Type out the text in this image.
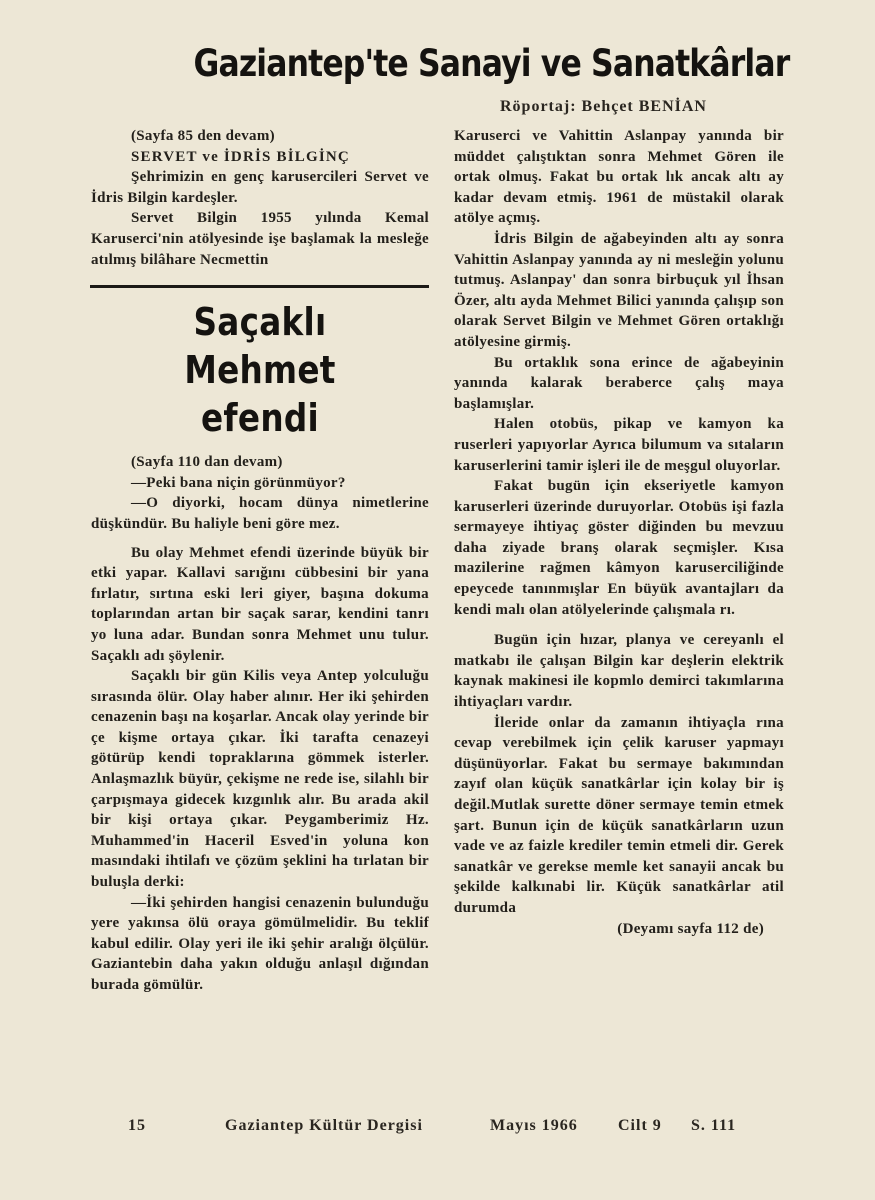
Gaziantep'te Sanayi ve Sanatkârlar
Röportaj: Behçet BENİAN

(Sayfa 85 den devam)

SERVET ve İDRİS BİLGİNÇ

Şehrimizin en genç karusercileri Servet ve İdris Bilgin kardeşler.

Servet Bilgin 1955 yılında Kemal Karuserci'nin atölyesinde işe başlamak la mesleğe atılmış bilâhare Necmettin

Saçaklı Mehmet
efendi

(Sayfa 110 dan devam)

—Peki bana niçin görünmüyor?

—O diyorki, hocam dünya nimetlerine düşkündür. Bu haliyle beni göre mez.

Bu olay Mehmet efendi üzerinde büyük bir etki yapar. Kallavi sarığını cübbesini bir yana fırlatır, sırtına eski leri giyer, başına dokuma toplarından artan bir saçak sarar, kendini tanrı yo luna adar. Bundan sonra Mehmet unu tulur. Saçaklı adı şöylenir.

Saçaklı bir gün Kilis veya Antep yolculuğu sırasında ölür. Olay haber alınır. Her iki şehirden cenazenin başı na koşarlar. Ancak olay yerinde bir çe kişme ortaya çıkar. İki tarafta cenazeyi götürüp kendi topraklarına gömmek isterler. Anlaşmazlık büyür, çekişme ne rede ise, silahlı bir çarpışmaya gidecek kızgınlık alır. Bu arada akil bir kişi ortaya çıkar. Peygamberimiz Hz. Muhammed'in Haceril Esved'in yoluna kon masındaki ihtilafı ve çözüm şeklini ha tırlatan bir buluşla derki:

—İki şehirden hangisi cenazenin bulunduğu yere yakınsa ölü oraya gömülmelidir. Bu teklif kabul edilir. Olay yeri ile iki şehir aralığı ölçülür. Gaziantebin daha yakın olduğu anlaşıl dığından burada gömülür.

Karuserci ve Vahittin Aslanpay yanında bir müddet çalıştıktan sonra Mehmet Gören ile ortak olmuş. Fakat bu ortak lık ancak altı ay kadar devam etmiş. 1961 de müstakil olarak atölye açmış.

İdris Bilgin de ağabeyinden altı ay sonra Vahittin Aslanpay yanında ay ni mesleğin yolunu tutmuş. Aslanpay' dan sonra birbuçuk yıl İhsan Özer, altı ayda Mehmet Bilici yanında çalışıp son olarak Servet Bilgin ve Mehmet Gören ortaklığı atölyesine girmiş.

Bu ortaklık sona erince de ağabeyinin yanında kalarak beraberce çalış maya başlamışlar.

Halen otobüs, pikap ve kamyon ka ruserleri yapıyorlar Ayrıca bilumum va sıtaların karuserlerini tamir işleri ile de meşgul oluyorlar.

Fakat bugün için ekseriyetle kamyon karuserleri üzerinde duruyorlar. Otobüs işi fazla sermayeye ihtiyaç göster diğinden bu mevzuu daha ziyade branş olarak seçmişler. Kısa mazilerine rağmen kâmyon karuserciliğinde epeycede tanınmışlar En büyük avantajları da kendi malı olan atölyelerinde çalışmala rı.

Bugün için hızar, planya ve cereyanlı el matkabı ile çalışan Bilgin kar deşlerin elektrik kaynak makinesi ile kopmlo demirci takımlarına ihtiyaçları vardır.

İleride onlar da zamanın ihtiyaçla rına cevap verebilmek için çelik karuser yapmayı düşünüyorlar. Fakat bu sermaye bakımından zayıf olan küçük sanatkârlar için kolay bir iş değil.Mutlak surette döner sermaye temin etmek şart. Bunun için de küçük sanatkârların uzun vade ve az faizle krediler temin etmeli dir. Gerek sanatkâr ve gerekse memle ket sanayii ancak bu şekilde kalkınabi lir. Küçük sanatkârlar atil durumda

(Deyamı sayfa 112 de)

15	Gaziantep Kültür Dergisi	Mayıs 1966	Cilt 9 S. 111
